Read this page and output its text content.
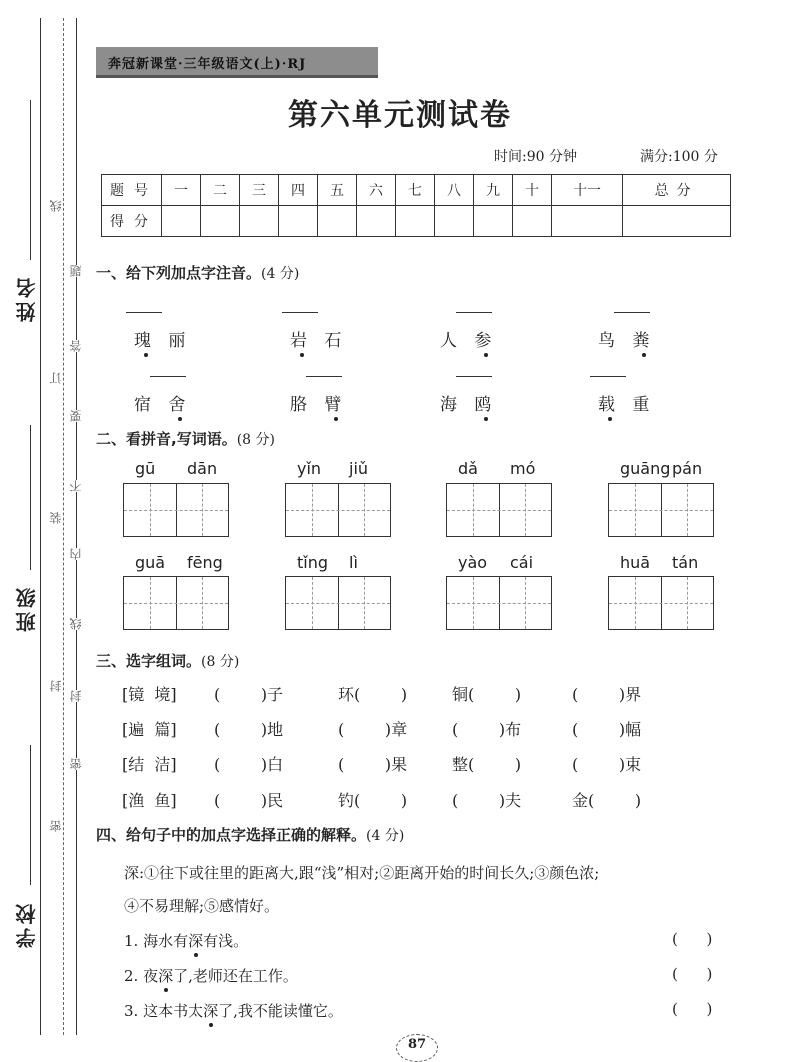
姓名
班级
学校
线
题
答
订
要
不
装
内
线
封
封
密
密
奔冠新课堂·三年级语文(上)·RJ
第六单元测试卷
时间:90 分钟	满分:100 分
题号	一	二	三	四	五	六	七	八	九	十	十一	总分
得分												
一、给下列加点字注音。(4 分)
瑰 丽	岩 石	人 参	鸟 粪
宿 舍	胳 臂	海 鸥	载 重
二、看拼音,写词语。(8 分)
gū dān	yǐn jiǔ	dǎ mó	guāng pán
guā fēng	tǐng lì	yào cái	huā tán
三、选字组词。(8 分)
[镜  境] (        )子	环(        )	铜(        )	(        )界
[遍  篇] (        )地	(        )章	(        )布	(        )幅
[结  洁] (        )白	(        )果	整(        )	(        )束
[渔  鱼] (        )民	钓(        )	(        )夫	金(        )
四、给句子中的加点字选择正确的解释。(4 分)
深:①往下或往里的距离大,跟“浅”相对;②距离开始的时间长久;③颜色浓;
④不易理解;⑤感情好。
1. 海水有深有浅。	(      )
2. 夜深了,老师还在工作。	(      )
3. 这本书太深了,我不能读懂它。	(      )
87
